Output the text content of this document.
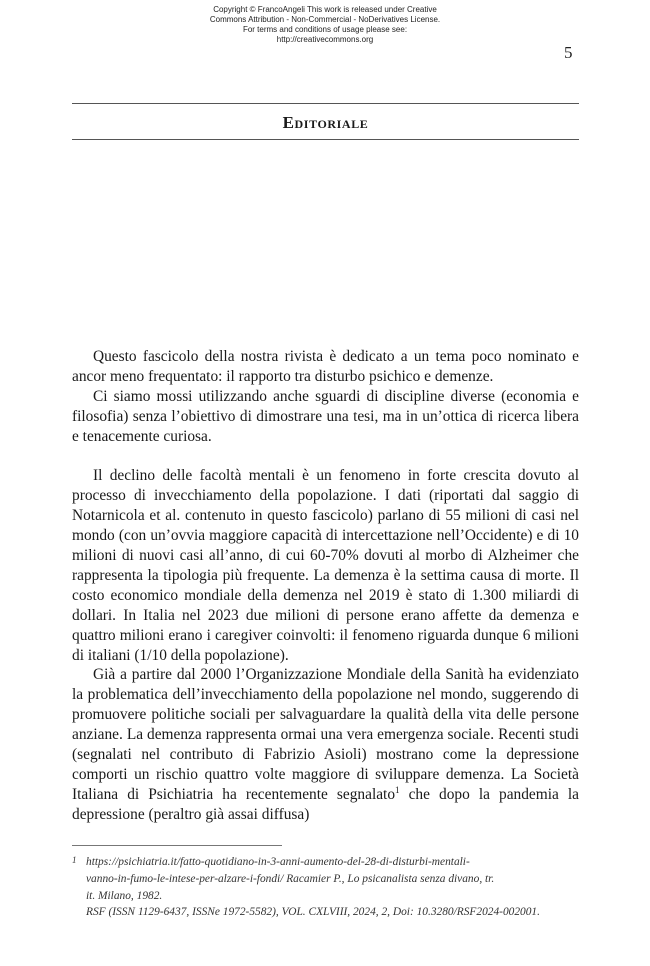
Copyright © FrancoAngeli This work is released under Creative
Commons Attribution - Non-Commercial - NoDerivatives License.
For terms and conditions of usage please see:
http://creativecommons.org
5
Editoriale

Questo fascicolo della nostra rivista è dedicato a un tema poco nominato e ancor meno frequentato: il rapporto tra disturbo psichico e demenze.

Ci siamo mossi utilizzando anche sguardi di discipline diverse (economia e filosofia) senza l’obiettivo di dimostrare una tesi, ma in un’ottica di ricerca libera e tenacemente curiosa.

Il declino delle facoltà mentali è un fenomeno in forte crescita dovuto al processo di invecchiamento della popolazione. I dati (riportati dal saggio di Notarnicola et al. contenuto in questo fascicolo) parlano di 55 milioni di casi nel mondo (con un’ovvia maggiore capacità di intercettazione nell’Occidente) e di 10 milioni di nuovi casi all’anno, di cui 60-70% dovuti al morbo di Alzheimer che rappresenta la tipologia più frequente. La demenza è la settima causa di morte. Il costo economico mondiale della demenza nel 2019 è stato di 1.300 miliardi di dollari. In Italia nel 2023 due milioni di persone erano affette da demenza e quattro milioni erano i caregiver coinvolti: il fenomeno riguarda dunque 6 milioni di italiani (1/10 della popolazione).

Già a partire dal 2000 l’Organizzazione Mondiale della Sanità ha evidenziato la problematica dell’invecchiamento della popolazione nel mondo, suggerendo di promuovere politiche sociali per salvaguardare la qualità della vita delle persone anziane. La demenza rappresenta ormai una vera emergenza sociale. Recenti studi (segnalati nel contributo di Fabrizio Asioli) mostrano come la depressione comporti un rischio quattro volte maggiore di sviluppare demenza. La Società Italiana di Psichiatria ha recentemente segnalato$^1$ che dopo la pandemia la depressione (peraltro già assai diffusa)

1 https://psichiatria.it/fatto-quotidiano-in-3-anni-aumento-del-28-di-disturbi-mentali-
vanno-in-fumo-le-intese-per-alzare-i-fondi/ Racamier P., Lo psicanalista senza divano, tr.
it. Milano, 1982.
RSF (ISSN 1129-6437, ISSNe 1972-5582), VOL. CXLVIII, 2024, 2, Doi: 10.3280/RSF2024-002001.
